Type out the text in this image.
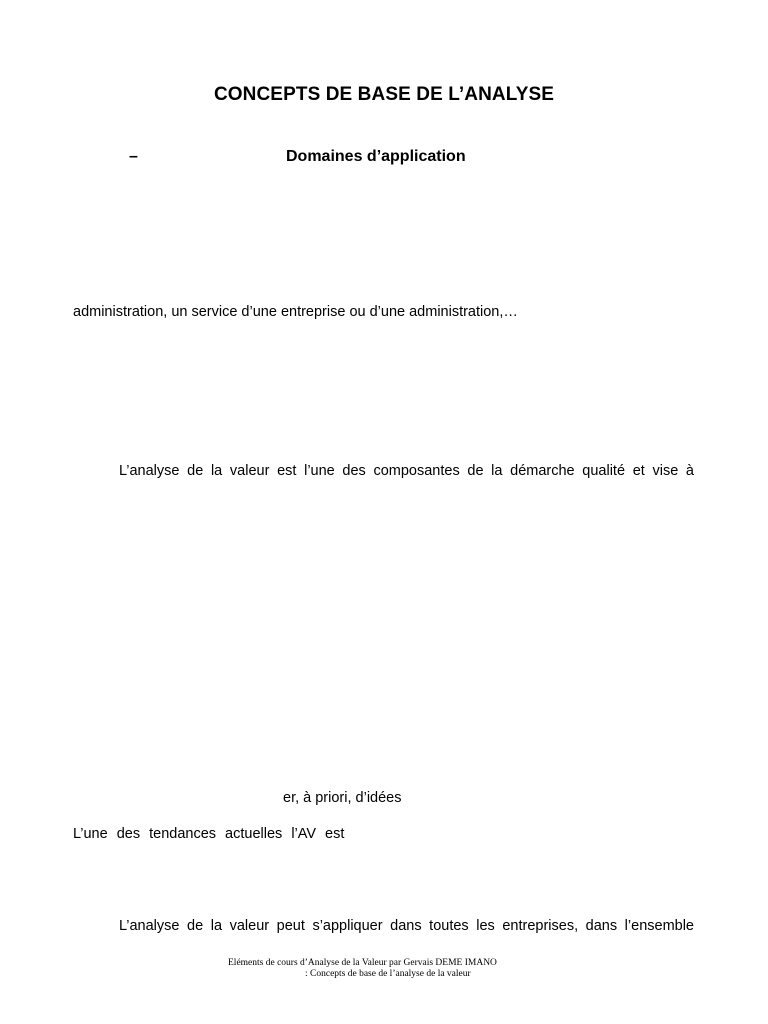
CONCEPTS DE BASE DE L’ANALYSE
–	Domaines d’application

administration, un service d’une entreprise ou d’une administration,…

L’analyse de la valeur est l’une des composantes de la démarche qualité et vise à

er, à priori, d’idées

L’une des tendances actuelles l’AV est

L’analyse de la valeur peut s’appliquer dans toutes les entreprises, dans l’ensemble

Eléments de cours d’Analyse de la Valeur par Gervais DEME IMANO

: Concepts de base de l’analyse de la valeur
